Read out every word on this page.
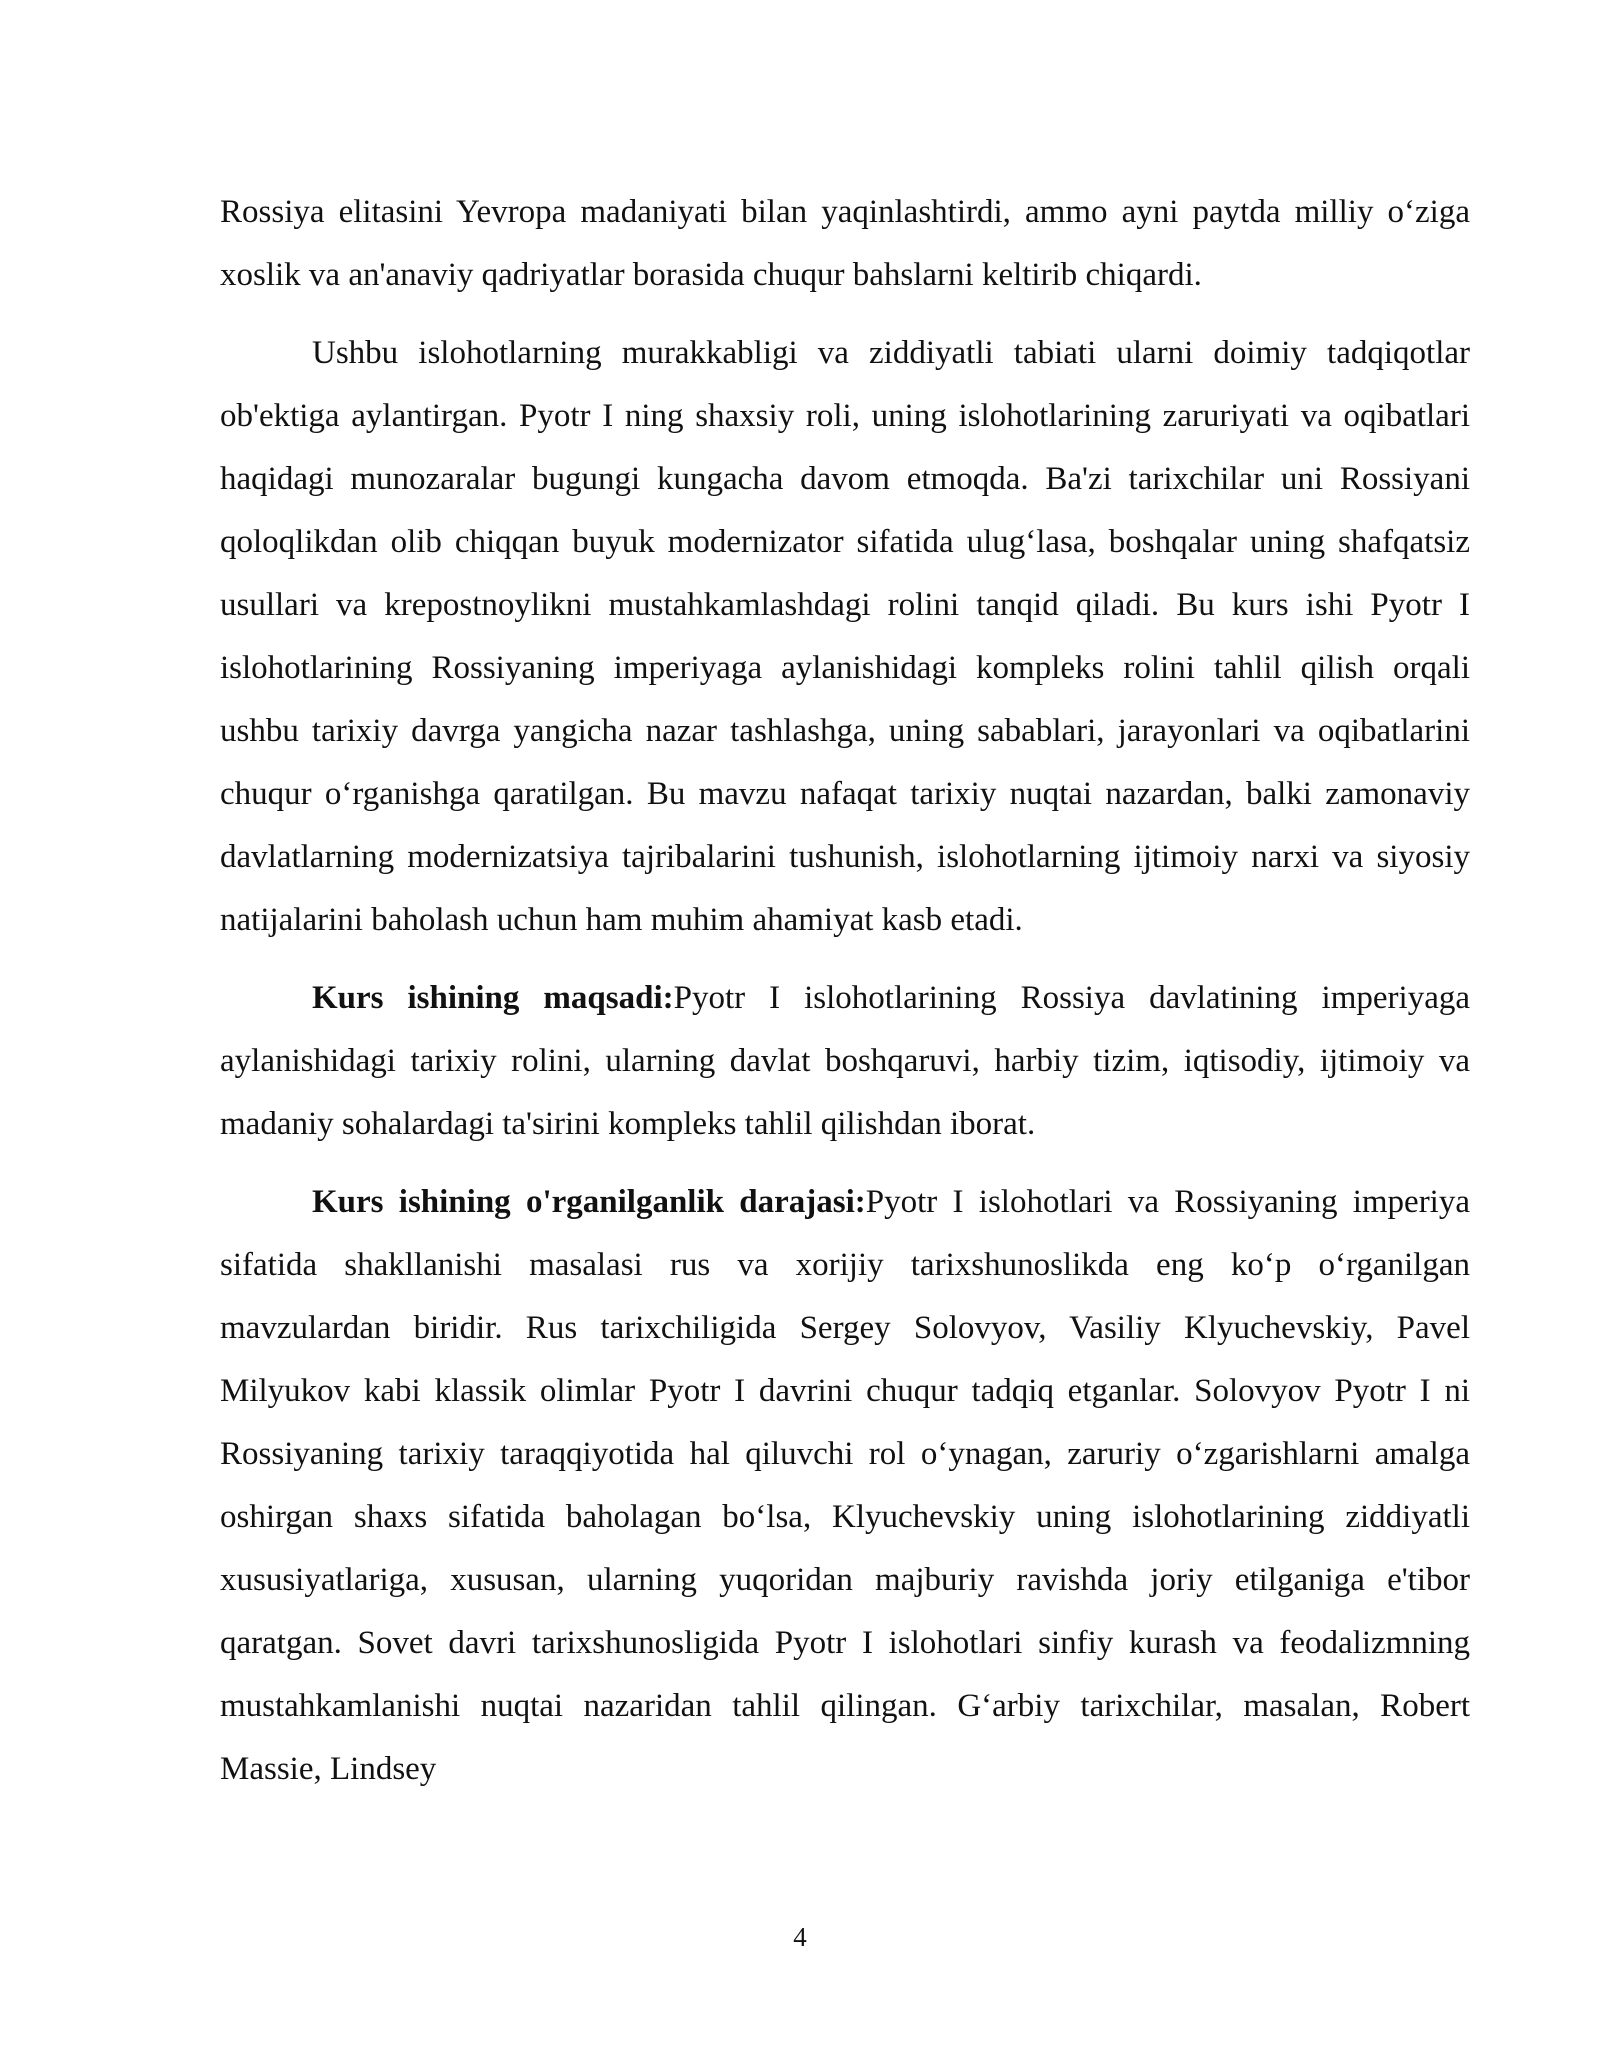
Rossiya elitasini Yevropa madaniyati bilan yaqinlashtirdi, ammo ayni paytda milliy o‘ziga xoslik va an'anaviy qadriyatlar borasida chuqur bahslarni keltirib chiqardi.

Ushbu islohotlarning murakkabligi va ziddiyatli tabiati ularni doimiy tadqiqotlar ob'ektiga aylantirgan. Pyotr I ning shaxsiy roli, uning islohotlarining zaruriyati va oqibatlari haqidagi munozaralar bugungi kungacha davom etmoqda. Ba'zi tarixchilar uni Rossiyani qoloqlikdan olib chiqqan buyuk modernizator sifatida ulug‘lasa, boshqalar uning shafqatsiz usullari va krepostnoylikni mustahkamlashdagi rolini tanqid qiladi. Bu kurs ishi Pyotr I islohotlarining Rossiyaning imperiyaga aylanishidagi kompleks rolini tahlil qilish orqali ushbu tarixiy davrga yangicha nazar tashlashga, uning sabablari, jarayonlari va oqibatlarini chuqur o‘rganishga qaratilgan. Bu mavzu nafaqat tarixiy nuqtai nazardan, balki zamonaviy davlatlarning modernizatsiya tajribalarini tushunish, islohotlarning ijtimoiy narxi va siyosiy natijalarini baholash uchun ham muhim ahamiyat kasb etadi.

Kurs ishining maqsadi:Pyotr I islohotlarining Rossiya davlatining imperiyaga aylanishidagi tarixiy rolini, ularning davlat boshqaruvi, harbiy tizim, iqtisodiy, ijtimoiy va madaniy sohalardagi ta'sirini kompleks tahlil qilishdan iborat.

Kurs ishining o'rganilganlik darajasi:Pyotr I islohotlari va Rossiyaning imperiya sifatida shakllanishi masalasi rus va xorijiy tarixshunoslikda eng ko‘p o‘rganilgan mavzulardan biridir. Rus tarixchiligida Sergey Solovyov, Vasiliy Klyuchevskiy, Pavel Milyukov kabi klassik olimlar Pyotr I davrini chuqur tadqiq etganlar. Solovyov Pyotr I ni Rossiyaning tarixiy taraqqiyotida hal qiluvchi rol o‘ynagan, zaruriy o‘zgarishlarni amalga oshirgan shaxs sifatida baholagan bo‘lsa, Klyuchevskiy uning islohotlarining ziddiyatli xususiyatlariga, xususan, ularning yuqoridan majburiy ravishda joriy etilganiga e'tibor qaratgan. Sovet davri tarixshunosligida Pyotr I islohotlari sinfiy kurash va feodalizmning mustahkamlanishi nuqtai nazaridan tahlil qilingan. G‘arbiy tarixchilar, masalan, Robert Massie, Lindsey

4
